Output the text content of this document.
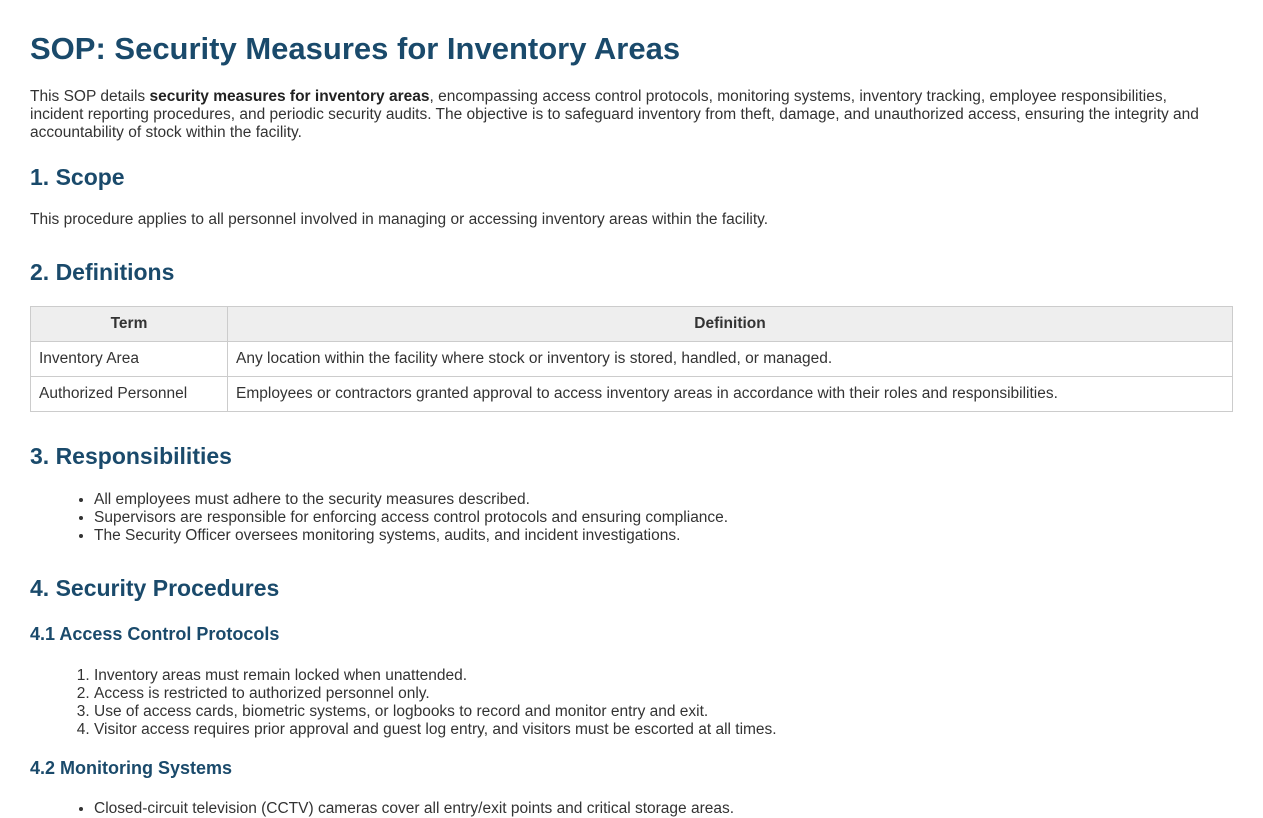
SOP: Security Measures for Inventory Areas

This SOP details security measures for inventory areas, encompassing access control protocols, monitoring systems, inventory tracking, employee responsibilities, incident reporting procedures, and periodic security audits. The objective is to safeguard inventory from theft, damage, and unauthorized access, ensuring the integrity and accountability of stock within the facility.

1. Scope

This procedure applies to all personnel involved in managing or accessing inventory areas within the facility.

2. Definitions
Term	Definition
Inventory Area	Any location within the facility where stock or inventory is stored, handled, or managed.
Authorized Personnel	Employees or contractors granted approval to access inventory areas in accordance with their roles and responsibilities.
3. Responsibilities
• All employees must adhere to the security measures described.
• Supervisors are responsible for enforcing access control protocols and ensuring compliance.
• The Security Officer oversees monitoring systems, audits, and incident investigations.
4. Security Procedures
4.1 Access Control Protocols
1. Inventory areas must remain locked when unattended.
2. Access is restricted to authorized personnel only.
3. Use of access cards, biometric systems, or logbooks to record and monitor entry and exit.
4. Visitor access requires prior approval and guest log entry, and visitors must be escorted at all times.
4.2 Monitoring Systems
• Closed-circuit television (CCTV) cameras cover all entry/exit points and critical storage areas.
